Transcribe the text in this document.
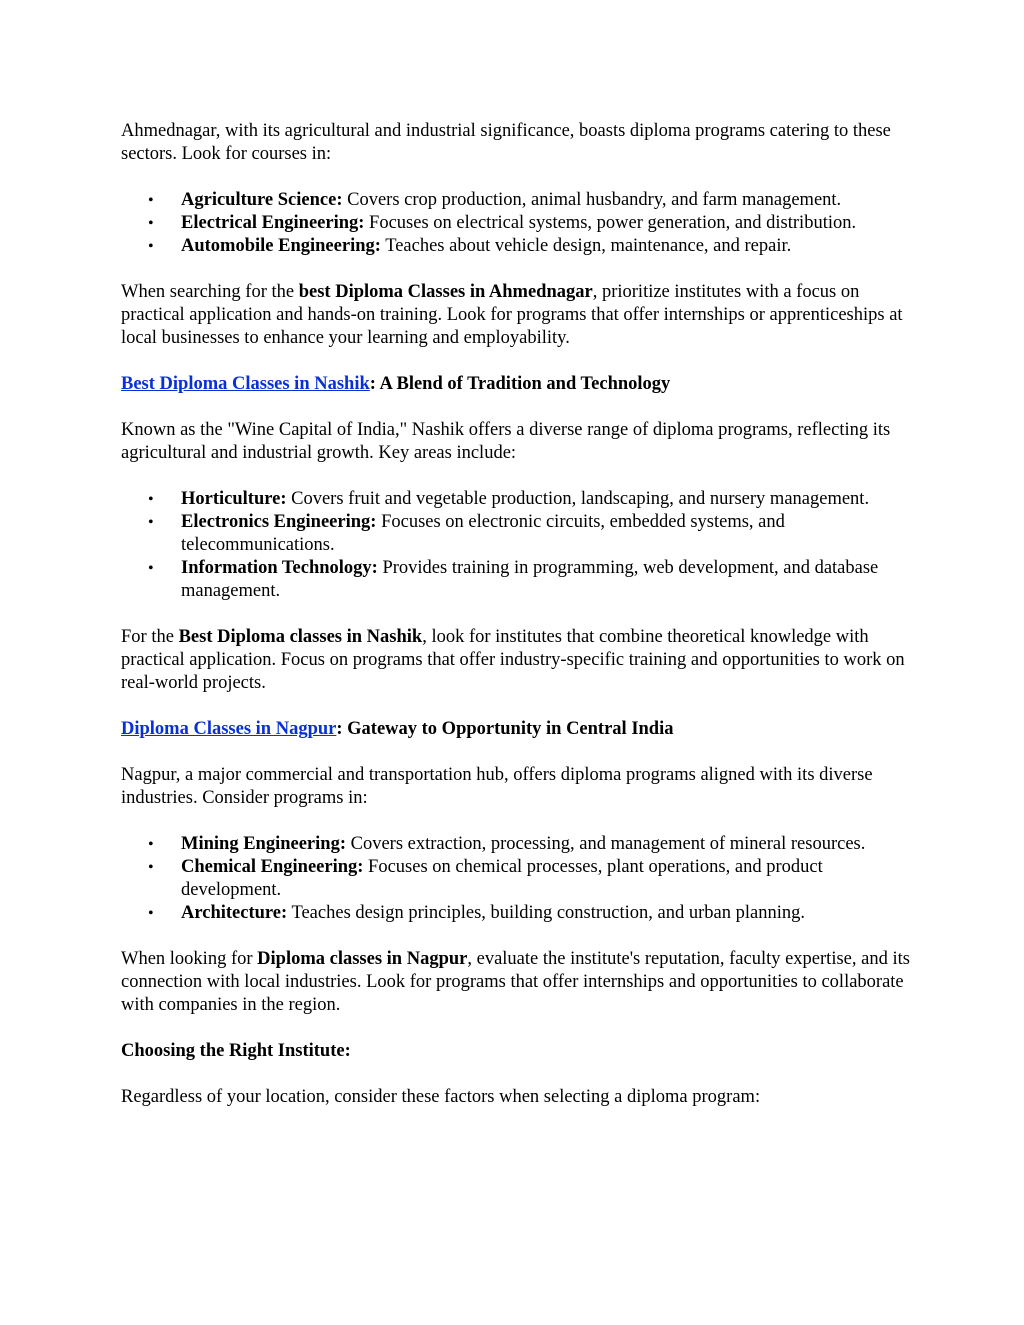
Ahmednagar, with its agricultural and industrial significance, boasts diploma programs catering to these sectors. Look for courses in:

• Agriculture Science: Covers crop production, animal husbandry, and farm management.
• Electrical Engineering: Focuses on electrical systems, power generation, and distribution.
• Automobile Engineering: Teaches about vehicle design, maintenance, and repair.

When searching for the best Diploma Classes in Ahmednagar, prioritize institutes with a focus on practical application and hands-on training. Look for programs that offer internships or apprenticeships at local businesses to enhance your learning and employability.

Best Diploma Classes in Nashik: A Blend of Tradition and Technology

Known as the "Wine Capital of India," Nashik offers a diverse range of diploma programs, reflecting its agricultural and industrial growth. Key areas include:

• Horticulture: Covers fruit and vegetable production, landscaping, and nursery management.
• Electronics Engineering: Focuses on electronic circuits, embedded systems, and telecommunications.
• Information Technology: Provides training in programming, web development, and database management.

For the Best Diploma classes in Nashik, look for institutes that combine theoretical knowledge with practical application. Focus on programs that offer industry-specific training and opportunities to work on real-world projects.

Diploma Classes in Nagpur: Gateway to Opportunity in Central India

Nagpur, a major commercial and transportation hub, offers diploma programs aligned with its diverse industries. Consider programs in:

• Mining Engineering: Covers extraction, processing, and management of mineral resources.
• Chemical Engineering: Focuses on chemical processes, plant operations, and product development.
• Architecture: Teaches design principles, building construction, and urban planning.

When looking for Diploma classes in Nagpur, evaluate the institute's reputation, faculty expertise, and its connection with local industries. Look for programs that offer internships and opportunities to collaborate with companies in the region.

Choosing the Right Institute:

Regardless of your location, consider these factors when selecting a diploma program:
